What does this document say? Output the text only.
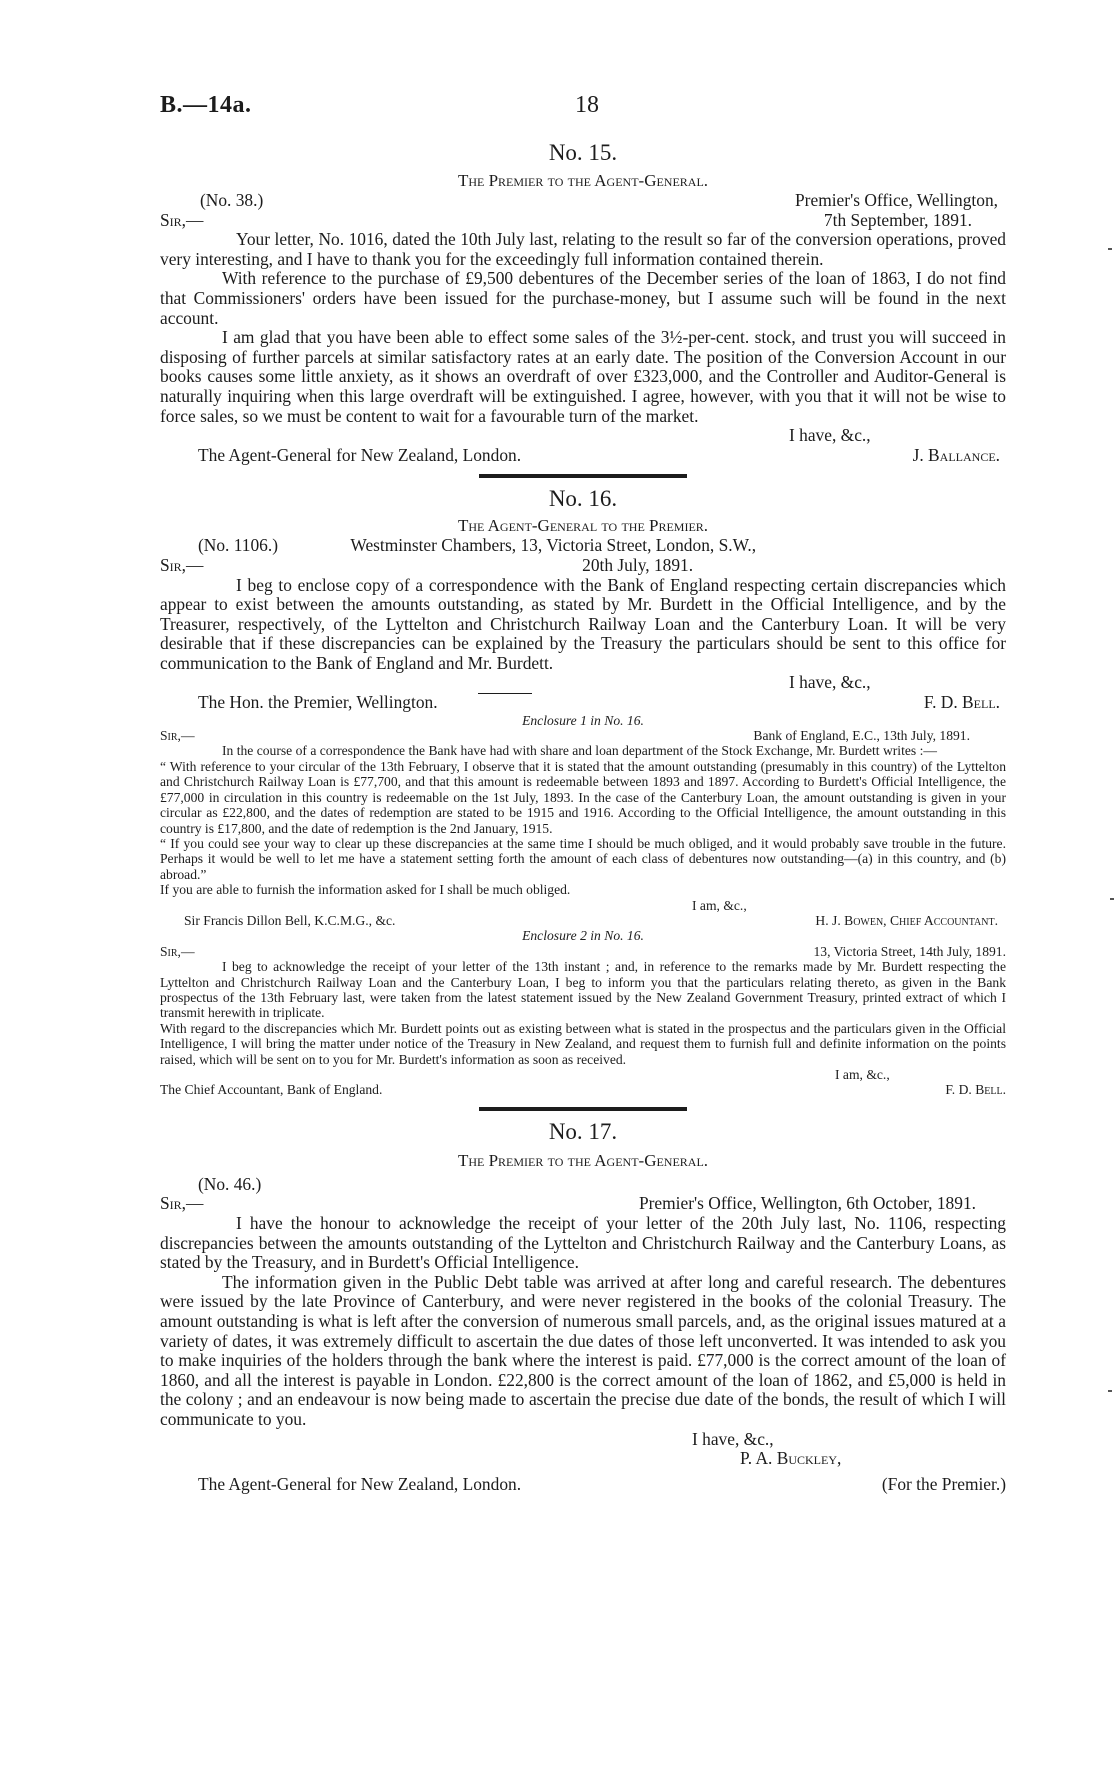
B.—14a.	18
No. 15.
The Premier to the Agent-General.
(No. 38.)	Premier's Office, Wellington,
Sir,—	7th September, 1891.
Your letter, No. 1016, dated the 10th July last, relating to the result so far of the conversion operations, proved very interesting, and I have to thank you for the exceedingly full information contained therein.
With reference to the purchase of £9,500 debentures of the December series of the loan of 1863, I do not find that Commissioners' orders have been issued for the purchase-money, but I assume such will be found in the next account.
I am glad that you have been able to effect some sales of the 3½-per-cent. stock, and trust you will succeed in disposing of further parcels at similar satisfactory rates at an early date. The position of the Conversion Account in our books causes some little anxiety, as it shows an overdraft of over £323,000, and the Controller and Auditor-General is naturally inquiring when this large overdraft will be extinguished. I agree, however, with you that it will not be wise to force sales, so we must be content to wait for a favourable turn of the market.
I have, &c.,
The Agent-General for New Zealand, London.	J. Ballance.
No. 16.
The Agent-General to the Premier.
(No. 1106.)	Westminster Chambers, 13, Victoria Street, London, S.W.,
Sir,—	20th July, 1891.
I beg to enclose copy of a correspondence with the Bank of England respecting certain discrepancies which appear to exist between the amounts outstanding, as stated by Mr. Burdett in the Official Intelligence, and by the Treasurer, respectively, of the Lyttelton and Christchurch Railway Loan and the Canterbury Loan. It will be very desirable that if these discrepancies can be explained by the Treasury the particulars should be sent to this office for communication to the Bank of England and Mr. Burdett.
I have, &c.,
The Hon. the Premier, Wellington.	F. D. Bell.
Enclosure 1 in No. 16.
Sir,—	Bank of England, E.C., 13th July, 1891.
In the course of a correspondence the Bank have had with share and loan department of the Stock Exchange, Mr. Burdett writes :—
“ With reference to your circular of the 13th February, I observe that it is stated that the amount outstanding (presumably in this country) of the Lyttelton and Christchurch Railway Loan is £77,700, and that this amount is redeemable between 1893 and 1897. According to Burdett's Official Intelligence, the £77,000 in circulation in this country is redeemable on the 1st July, 1893. In the case of the Canterbury Loan, the amount outstanding is given in your circular as £22,800, and the dates of redemption are stated to be 1915 and 1916. According to the Official Intelligence, the amount outstanding in this country is £17,800, and the date of redemption is the 2nd January, 1915.
“ If you could see your way to clear up these discrepancies at the same time I should be much obliged, and it would probably save trouble in the future. Perhaps it would be well to let me have a statement setting forth the amount of each class of debentures now outstanding—(a) in this country, and (b) abroad.”
If you are able to furnish the information asked for I shall be much obliged.
I am, &c.,
Sir Francis Dillon Bell, K.C.M.G., &c.	H. J. Bowen, Chief Accountant.
Enclosure 2 in No. 16.
Sir,—	13, Victoria Street, 14th July, 1891.
I beg to acknowledge the receipt of your letter of the 13th instant ; and, in reference to the remarks made by Mr. Burdett respecting the Lyttelton and Christchurch Railway Loan and the Canterbury Loan, I beg to inform you that the particulars relating thereto, as given in the Bank prospectus of the 13th February last, were taken from the latest statement issued by the New Zealand Government Treasury, printed extract of which I transmit herewith in triplicate.
With regard to the discrepancies which Mr. Burdett points out as existing between what is stated in the prospectus and the particulars given in the Official Intelligence, I will bring the matter under notice of the Treasury in New Zealand, and request them to furnish full and definite information on the points raised, which will be sent on to you for Mr. Burdett's information as soon as received.
I am, &c.,
The Chief Accountant, Bank of England.	F. D. Bell.
No. 17.
The Premier to the Agent-General.
(No. 46.)
Sir,—	Premier's Office, Wellington, 6th October, 1891.
I have the honour to acknowledge the receipt of your letter of the 20th July last, No. 1106, respecting discrepancies between the amounts outstanding of the Lyttelton and Christchurch Railway and the Canterbury Loans, as stated by the Treasury, and in Burdett's Official Intelligence.
The information given in the Public Debt table was arrived at after long and careful research. The debentures were issued by the late Province of Canterbury, and were never registered in the books of the colonial Treasury. The amount outstanding is what is left after the conversion of numerous small parcels, and, as the original issues matured at a variety of dates, it was extremely difficult to ascertain the due dates of those left unconverted. It was intended to ask you to make inquiries of the holders through the bank where the interest is paid. £77,000 is the correct amount of the loan of 1860, and all the interest is payable in London. £22,800 is the correct amount of the loan of 1862, and £5,000 is held in the colony ; and an endeavour is now being made to ascertain the precise due date of the bonds, the result of which I will communicate to you.
I have, &c.,
P. A. Buckley,
The Agent-General for New Zealand, London.	(For the Premier.)
